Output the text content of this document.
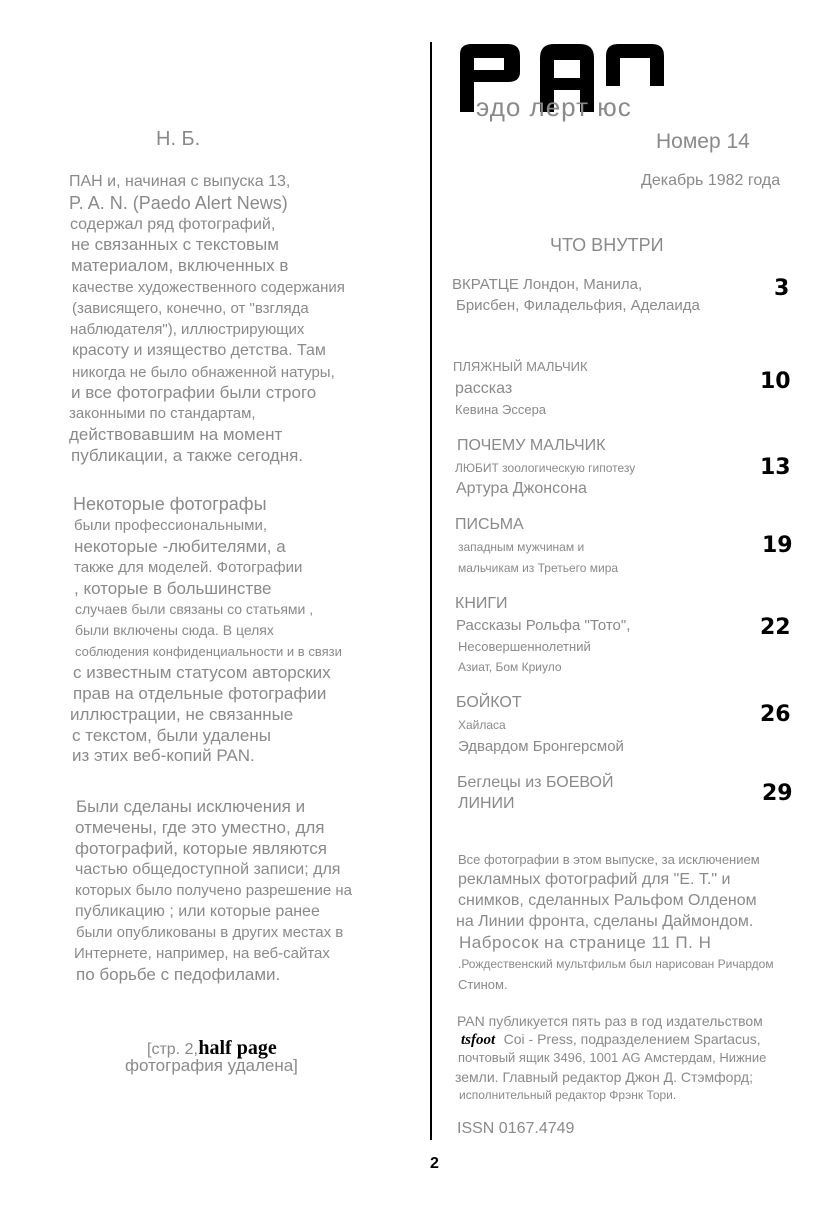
Н. Б.
ПАН и, начиная с выпуска 13,
P. A. N. (Paedo Alert News)
содержал ряд фотографий,
не связанных с текстовым
материалом, включенных в
качестве художественного содержания
(зависящего, конечно, от "взгляда
наблюдателя"), иллюстрирующих
красоту и изящество детства. Там
никогда не было обнаженной натуры,
и все фотографии были строго
законными по стандартам,
действовавшим на момент
публикации, а также сегодня.
Некоторые фотографы
были профессиональными,
некоторые -любителями, а
также для моделей. Фотографии
, которые в большинстве
случаев были связаны со статьями ,
были включены сюда. В целях
соблюдения конфиденциальности и в связи
с известным статусом авторских
прав на отдельные фотографии
иллюстрации, не связанные
с текстом, были удалены
из этих веб-копий PAN.
Были сделаны исключения и
отмечены, где это уместно, для
фотографий, которые являются
частью общедоступной записи; для
которых было получено разрешение на
публикацию ; или которые ранее
были опубликованы в других местах в
Интернете, например, на веб-сайтах
по борьбе с педофилами.
[стр. 2, half page
фотография удалена]
эдо лерт юс
Номер 14
Декабрь 1982 года
ЧТО ВНУТРИ
ВКРАТЦЕ Лондон, Манила,
Брисбен, Филадельфия, Аделаида
3
ПЛЯЖНЫЙ МАЛЬЧИК
рассказ
Кевина Эссера
10
ПОЧЕМУ МАЛЬЧИК
ЛЮБИТ зоологическую гипотезу
Артура Джонсона
13
ПИСЬМА
западным мужчинам и
мальчикам из Третьего мира
19
КНИГИ
Рассказы Рольфа "Тото",
Несовершеннолетний
Азиат, Бом Криуло
22
БОЙКОТ
Хайласа
Эдвардом Бронгерсмой
26
Беглецы из БОЕВОЙ
ЛИНИИ	29
Все фотографии в этом выпуске, за исключением
рекламных фотографий для "Е. Т." и
снимков, сделанных Ральфом Олденом
на Линии фронта, сделаны Даймондом.
Набросок на странице 11 П. Н
.Рождественский мультфильм был нарисован Ричардом
Стином.
PAN публикуется пять раз в год издательством
tsfoot Coi - Press, подразделением Spartacus,
почтовый ящик 3496, 1001 AG Амстердам, Нижние
земли. Главный редактор Джон Д. Стэмфорд;
исполнительный редактор Фрэнк Тори.
ISSN 0167.4749
2
